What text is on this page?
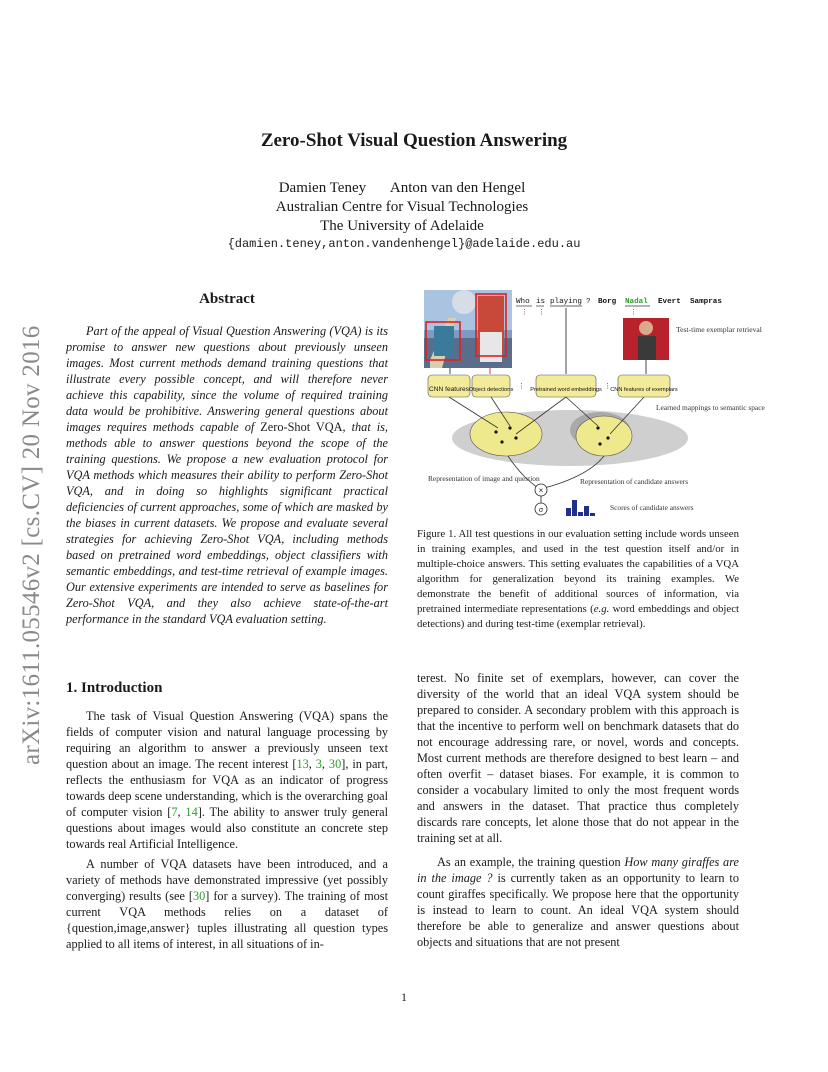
Zero-Shot Visual Question Answering
Damien Teney Anton van den Hengel
Australian Centre for Visual Technologies
The University of Adelaide
{damien.teney,anton.vandenhengel}@adelaide.edu.au
arXiv:1611.05546v2 [cs.CV] 20 Nov 2016
Abstract
Part of the appeal of Visual Question Answering (VQA) is its promise to answer new questions about previously unseen images. Most current methods demand training questions that illustrate every possible concept, and will therefore never achieve this capability, since the volume of required training data would be prohibitive. Answering general questions about images requires methods capable of Zero-Shot VQA, that is, methods able to answer questions beyond the scope of the training questions. We propose a new evaluation protocol for VQA methods which measures their ability to perform Zero-Shot VQA, and in doing so highlights significant practical deficiencies of current approaches, some of which are masked by the biases in current datasets. We propose and evaluate several strategies for achieving Zero-Shot VQA, including methods based on pretrained word embeddings, object classifiers with semantic embeddings, and test-time retrieval of example images. Our extensive experiments are intended to serve as baselines for Zero-Shot VQA, and they also achieve state-of-the-art performance in the standard VQA evaluation setting.
1. Introduction

The task of Visual Question Answering (VQA) spans the fields of computer vision and natural language processing by requiring an algorithm to answer a previously unseen text question about an image. The recent interest [13, 3, 30], in part, reflects the enthusiasm for VQA as an indicator of progress towards deep scene understanding, which is the overarching goal of computer vision [7, 14]. The ability to answer truly general questions about images would also constitute an concrete step towards real Artificial Intelligence.

A number of VQA datasets have been introduced, and a variety of methods have demonstrated impressive (yet possibly converging) results (see [30] for a survey). The training of most current VQA methods relies on a dataset of {question,image,answer} tuples illustrating all question types applied to all items of interest, in all situations of in-

terest. No finite set of exemplars, however, can cover the diversity of the world that an ideal VQA system should be prepared to consider. A secondary problem with this approach is that the incentive to perform well on benchmark datasets that do not encourage addressing rare, or novel, words and concepts. Most current methods are therefore designed to best learn – and often overfit – dataset biases. For example, it is common to consider a vocabulary limited to only the most frequent words and answers in the dataset. That practice thus completely discards rare concepts, let alone those that do not appear in the training set at all.

As an example, the training question How many giraffes are in the image ? is currently taken as an opportunity to learn to count giraffes specifically. We propose here that the opportunity is instead to learn to count. An ideal VQA system should therefore be able to generalize and answer questions about objects and situations that are not present

Who is playing ? Borg Nadal Evert Sampras
⋮ ⋮	⋮
Test-time exemplar retrieval
CNN features Object detections	Pretrained word embeddings CNN features of exemplars
⋮	⋮
Learned mappings to semantic space
×
σ
Representation of image and question	Representation of candidate answers
Scores of candidate answers
Figure 1. All test questions in our evaluation setting include words unseen in training examples, and used in the test question itself and/or in multiple-choice answers. This setting evaluates the capabilities of a VQA algorithm for generalization beyond its training examples. We demonstrate the benefit of additional sources of information, via pretrained intermediate representations (e.g. word embeddings and object detections) and during test-time (exemplar retrieval).
1
